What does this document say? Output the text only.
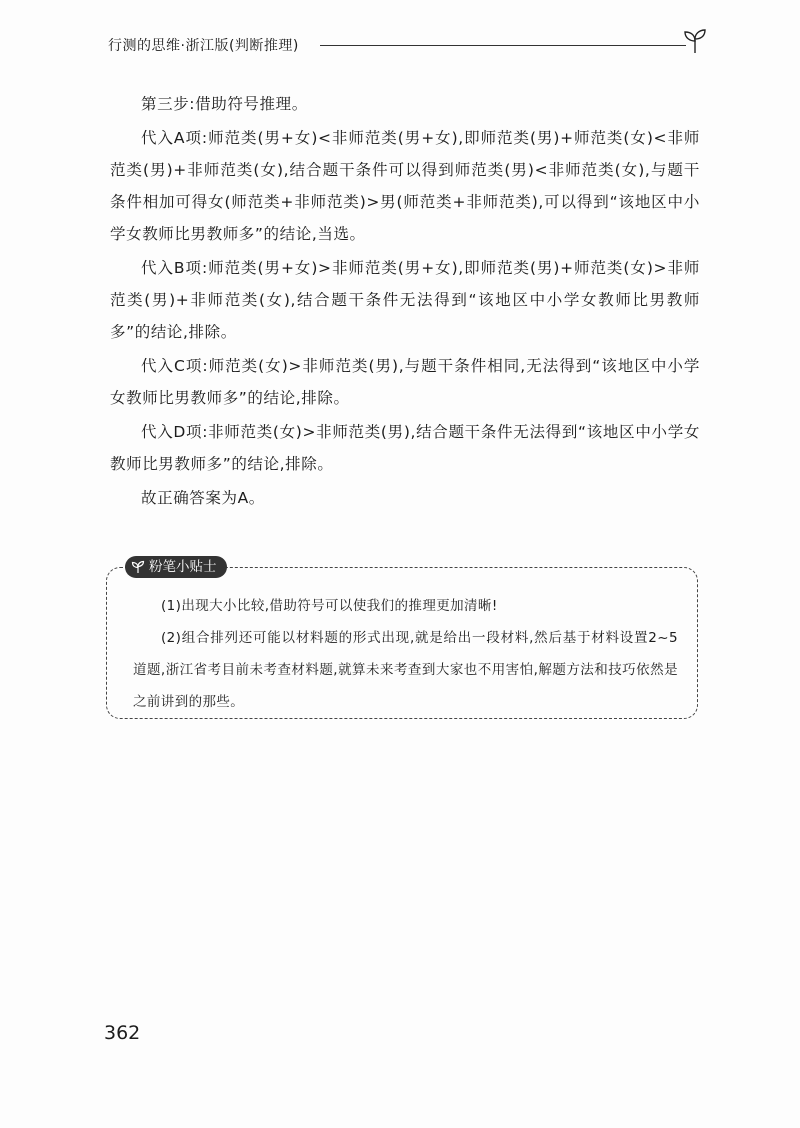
行测的思维·浙江版(判断推理)

第三步:借助符号推理。

代入A项:师范类(男+女)<非师范类(男+女),即师范类(男)+师范类(女)<非师范类(男)+非师范类(女),结合题干条件可以得到师范类(男)<非师范类(女),与题干条件相加可得女(师范类+非师范类)>男(师范类+非师范类),可以得到“该地区中小学女教师比男教师多”的结论,当选。

代入B项:师范类(男+女)>非师范类(男+女),即师范类(男)+师范类(女)>非师范类(男)+非师范类(女),结合题干条件无法得到“该地区中小学女教师比男教师多”的结论,排除。

代入C项:师范类(女)>非师范类(男),与题干条件相同,无法得到“该地区中小学女教师比男教师多”的结论,排除。

代入D项:非师范类(女)>非师范类(男),结合题干条件无法得到“该地区中小学女教师比男教师多”的结论,排除。

故正确答案为A。

粉笔小贴士

(1)出现大小比较,借助符号可以使我们的推理更加清晰!

(2)组合排列还可能以材料题的形式出现,就是给出一段材料,然后基于材料设置2~5道题,浙江省考目前未考查材料题,就算未来考查到大家也不用害怕,解题方法和技巧依然是之前讲到的那些。

362
